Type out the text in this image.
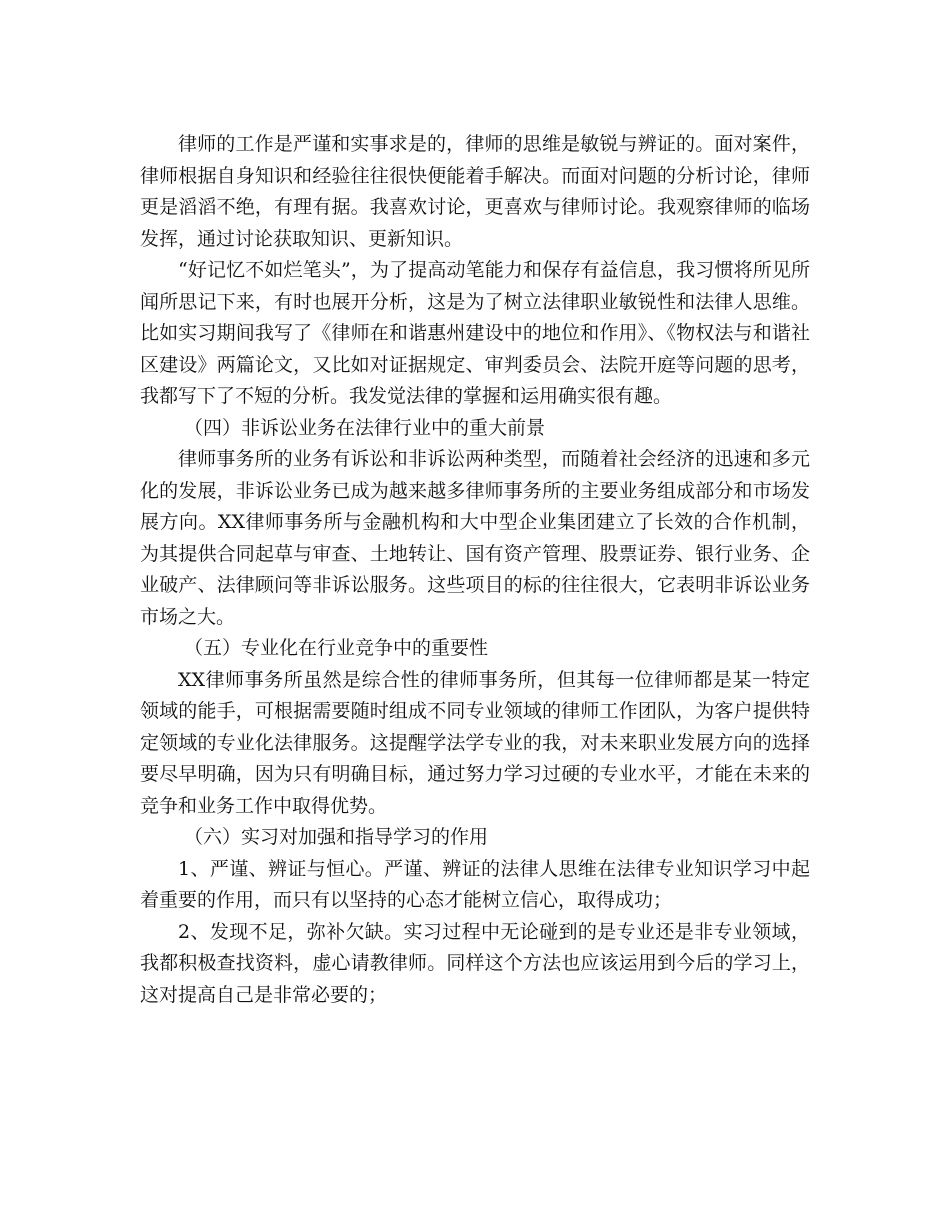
律师的工作是严谨和实事求是的，律师的思维是敏锐与辨证的。面对案件，律师根据自身知识和经验往往很快便能着手解决。而面对问题的分析讨论，律师更是滔滔不绝，有理有据。我喜欢讨论，更喜欢与律师讨论。我观察律师的临场发挥，通过讨论获取知识、更新知识。

“好记忆不如烂笔头”，为了提高动笔能力和保存有益信息，我习惯将所见所闻所思记下来，有时也展开分析，这是为了树立法律职业敏锐性和法律人思维。比如实习期间我写了《律师在和谐惠州建设中的地位和作用》、《物权法与和谐社区建设》两篇论文，又比如对证据规定、审判委员会、法院开庭等问题的思考，我都写下了不短的分析。我发觉法律的掌握和运用确实很有趣。

（四）非诉讼业务在法律行业中的重大前景

律师事务所的业务有诉讼和非诉讼两种类型，而随着社会经济的迅速和多元化的发展，非诉讼业务已成为越来越多律师事务所的主要业务组成部分和市场发展方向。XX律师事务所与金融机构和大中型企业集团建立了长效的合作机制，为其提供合同起草与审查、土地转让、国有资产管理、股票证券、银行业务、企业破产、法律顾问等非诉讼服务。这些项目的标的往往很大，它表明非诉讼业务市场之大。

（五）专业化在行业竞争中的重要性

XX律师事务所虽然是综合性的律师事务所，但其每一位律师都是某一特定领域的能手，可根据需要随时组成不同专业领域的律师工作团队，为客户提供特定领域的专业化法律服务。这提醒学法学专业的我，对未来职业发展方向的选择要尽早明确，因为只有明确目标，通过努力学习过硬的专业水平，才能在未来的竞争和业务工作中取得优势。

（六）实习对加强和指导学习的作用

1、严谨、辨证与恒心。严谨、辨证的法律人思维在法律专业知识学习中起着重要的作用，而只有以坚持的心态才能树立信心，取得成功；

2、发现不足，弥补欠缺。实习过程中无论碰到的是专业还是非专业领域，我都积极查找资料，虚心请教律师。同样这个方法也应该运用到今后的学习上，这对提高自己是非常必要的；
